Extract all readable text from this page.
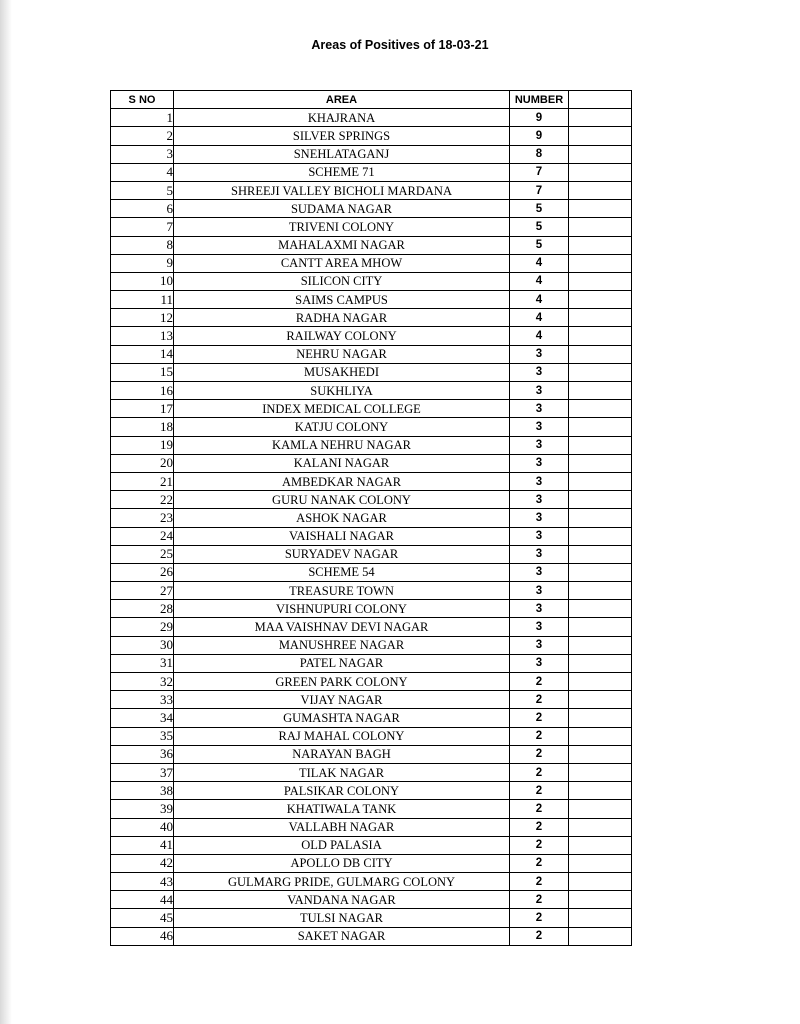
Areas of Positives of 18-03-21
S NO	AREA	NUMBER	
1	KHAJRANA	9	
2	SILVER SPRINGS	9	
3	SNEHLATAGANJ	8	
4	SCHEME 71	7	
5	SHREEJI VALLEY BICHOLI MARDANA	7	
6	SUDAMA NAGAR	5	
7	TRIVENI COLONY	5	
8	MAHALAXMI NAGAR	5	
9	CANTT AREA MHOW	4	
10	SILICON CITY	4	
11	SAIMS CAMPUS	4	
12	RADHA NAGAR	4	
13	RAILWAY COLONY	4	
14	NEHRU NAGAR	3	
15	MUSAKHEDI	3	
16	SUKHLIYA	3	
17	INDEX MEDICAL COLLEGE	3	
18	KATJU COLONY	3	
19	KAMLA NEHRU NAGAR	3	
20	KALANI NAGAR	3	
21	AMBEDKAR NAGAR	3	
22	GURU NANAK COLONY	3	
23	ASHOK NAGAR	3	
24	VAISHALI NAGAR	3	
25	SURYADEV NAGAR	3	
26	SCHEME 54	3	
27	TREASURE TOWN	3	
28	VISHNUPURI COLONY	3	
29	MAA VAISHNAV DEVI NAGAR	3	
30	MANUSHREE NAGAR	3	
31	PATEL NAGAR	3	
32	GREEN PARK COLONY	2	
33	VIJAY NAGAR	2	
34	GUMASHTA NAGAR	2	
35	RAJ MAHAL COLONY	2	
36	NARAYAN BAGH	2	
37	TILAK NAGAR	2	
38	PALSIKAR COLONY	2	
39	KHATIWALA TANK	2	
40	VALLABH NAGAR	2	
41	OLD PALASIA	2	
42	APOLLO DB CITY	2	
43	GULMARG PRIDE, GULMARG COLONY	2	
44	VANDANA NAGAR	2	
45	TULSI NAGAR	2	
46	SAKET NAGAR	2	
